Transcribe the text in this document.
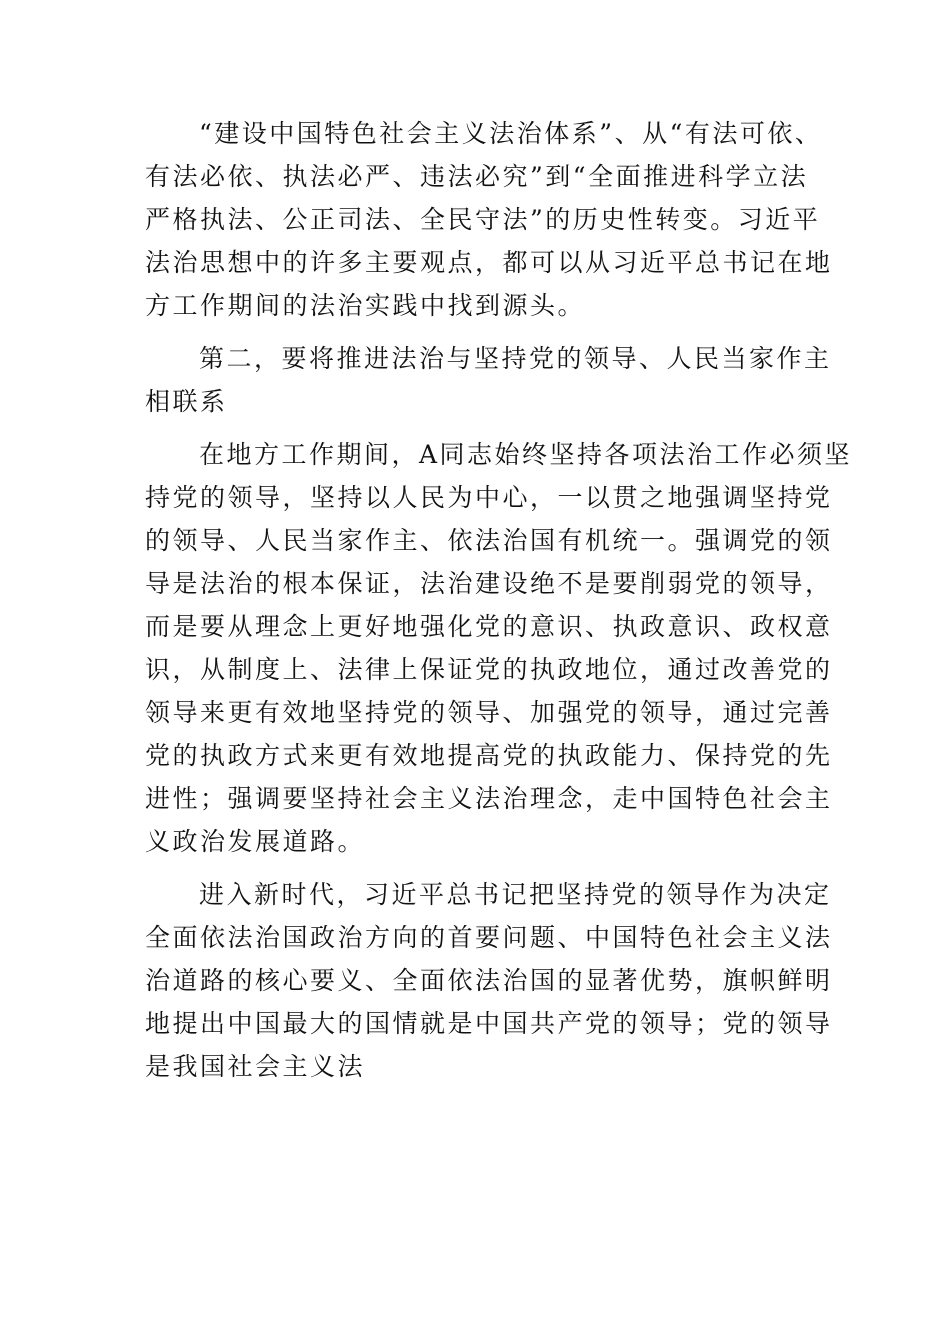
“建设中国特色社会主义法治体系”、从“有法可依、
有法必依、执法必严、违法必究”到“全面推进科学立法
严格执法、公正司法、全民守法”的历史性转变。习近平
法治思想中的许多主要观点，都可以从习近平总书记在地
方工作期间的法治实践中找到源头。
第二，要将推进法治与坚持党的领导、人民当家作主
相联系
在地方工作期间，A同志始终坚持各项法治工作必须坚
持党的领导，坚持以人民为中心，一以贯之地强调坚持党
的领导、人民当家作主、依法治国有机统一。强调党的领
导是法治的根本保证，法治建设绝不是要削弱党的领导，
而是要从理念上更好地强化党的意识、执政意识、政权意
识，从制度上、法律上保证党的执政地位，通过改善党的
领导来更有效地坚持党的领导、加强党的领导，通过完善
党的执政方式来更有效地提高党的执政能力、保持党的先
进性；强调要坚持社会主义法治理念，走中国特色社会主
义政治发展道路。
进入新时代，习近平总书记把坚持党的领导作为决定
全面依法治国政治方向的首要问题、中国特色社会主义法
治道路的核心要义、全面依法治国的显著优势，旗帜鲜明
地提出中国最大的国情就是中国共产党的领导；党的领导
是我国社会主义法
